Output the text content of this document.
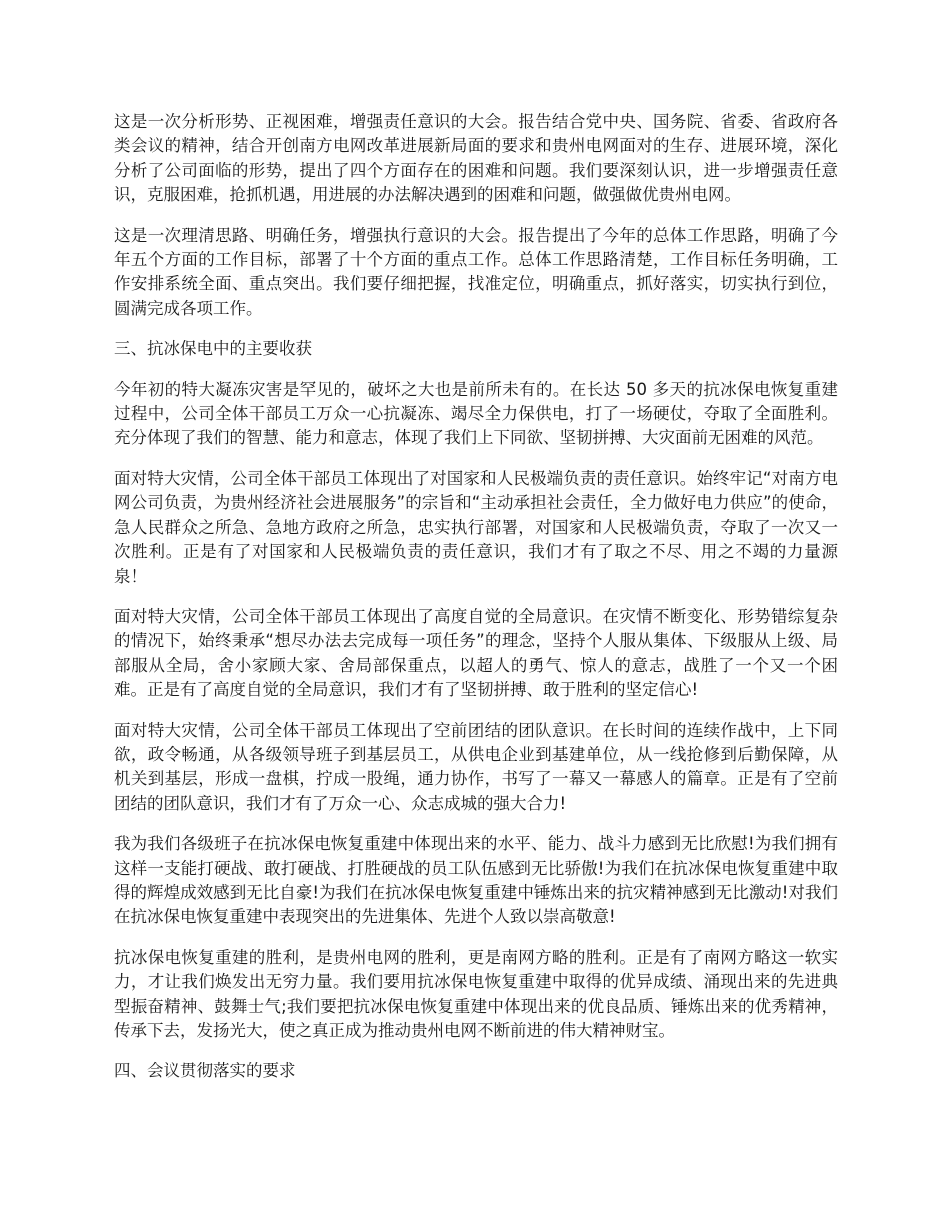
这是一次分析形势、正视困难，增强责任意识的大会。报告结合党中央、国务院、省委、省政府各类会议的精神，结合开创南方电网改革进展新局面的要求和贵州电网面对的生存、进展环境，深化分析了公司面临的形势，提出了四个方面存在的困难和问题。我们要深刻认识，进一步增强责任意识，克服困难，抢抓机遇，用进展的办法解决遇到的困难和问题，做强做优贵州电网。

这是一次理清思路、明确任务，增强执行意识的大会。报告提出了今年的总体工作思路，明确了今年五个方面的工作目标，部署了十个方面的重点工作。总体工作思路清楚，工作目标任务明确，工作安排系统全面、重点突出。我们要仔细把握，找准定位，明确重点，抓好落实，切实执行到位，圆满完成各项工作。

三、抗冰保电中的主要收获

今年初的特大凝冻灾害是罕见的，破坏之大也是前所未有的。在长达 50 多天的抗冰保电恢复重建过程中，公司全体干部员工万众一心抗凝冻、竭尽全力保供电，打了一场硬仗，夺取了全面胜利。充分体现了我们的智慧、能力和意志，体现了我们上下同欲、坚韧拼搏、大灾面前无困难的风范。

面对特大灾情，公司全体干部员工体现出了对国家和人民极端负责的责任意识。始终牢记“对南方电网公司负责，为贵州经济社会进展服务”的宗旨和“主动承担社会责任，全力做好电力供应”的使命，急人民群众之所急、急地方政府之所急，忠实执行部署，对国家和人民极端负责，夺取了一次又一次胜利。正是有了对国家和人民极端负责的责任意识，我们才有了取之不尽、用之不竭的力量源泉！

面对特大灾情，公司全体干部员工体现出了高度自觉的全局意识。在灾情不断变化、形势错综复杂的情况下，始终秉承“想尽办法去完成每一项任务”的理念，坚持个人服从集体、下级服从上级、局部服从全局，舍小家顾大家、舍局部保重点，以超人的勇气、惊人的意志，战胜了一个又一个困难。正是有了高度自觉的全局意识，我们才有了坚韧拼搏、敢于胜利的坚定信心!

面对特大灾情，公司全体干部员工体现出了空前团结的团队意识。在长时间的连续作战中，上下同欲，政令畅通，从各级领导班子到基层员工，从供电企业到基建单位，从一线抢修到后勤保障，从机关到基层，形成一盘棋，拧成一股绳，通力协作，书写了一幕又一幕感人的篇章。正是有了空前团结的团队意识，我们才有了万众一心、众志成城的强大合力!

我为我们各级班子在抗冰保电恢复重建中体现出来的水平、能力、战斗力感到无比欣慰!为我们拥有这样一支能打硬战、敢打硬战、打胜硬战的员工队伍感到无比骄傲!为我们在抗冰保电恢复重建中取得的辉煌成效感到无比自豪!为我们在抗冰保电恢复重建中锤炼出来的抗灾精神感到无比激动!对我们在抗冰保电恢复重建中表现突出的先进集体、先进个人致以崇高敬意!

抗冰保电恢复重建的胜利，是贵州电网的胜利，更是南网方略的胜利。正是有了南网方略这一软实力，才让我们焕发出无穷力量。我们要用抗冰保电恢复重建中取得的优异成绩、涌现出来的先进典型振奋精神、鼓舞士气;我们要把抗冰保电恢复重建中体现出来的优良品质、锤炼出来的优秀精神，传承下去，发扬光大，使之真正成为推动贵州电网不断前进的伟大精神财宝。

四、会议贯彻落实的要求
